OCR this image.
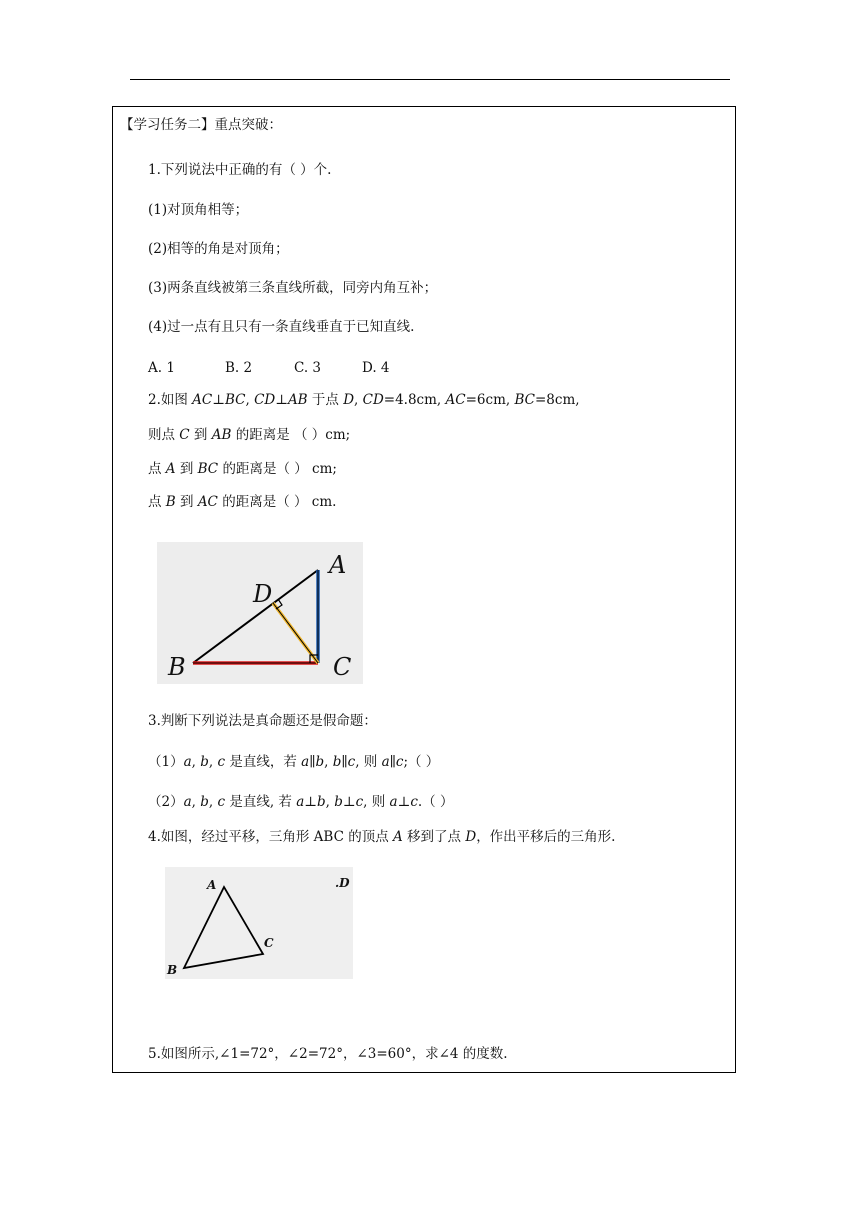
【学习任务二】重点突破：
1.下列说法中正确的有（ ）个.
(1)对顶角相等；
(2)相等的角是对顶角；
(3)两条直线被第三条直线所截，同旁内角互补；
(4)过一点有且只有一条直线垂直于已知直线.
A. 1	B. 2	C. 3	D. 4
2.如图 AC⊥BC, CD⊥AB 于点 D, CD=4.8cm, AC=6cm, BC=8cm,
则点 C 到 AB 的距离是 （ ）cm;
点 A 到 BC 的距离是（ ） cm;
点 B 到 AC 的距离是（ ） cm.
A
B	C
D
3.判断下列说法是真命题还是假命题：
（1）a, b, c 是直线，若 a∥b, b∥c, 则 a∥c;（ ）
（2）a, b, c 是直线, 若 a⊥b, b⊥c, 则 a⊥c.（ ）
4.如图，经过平移，三角形 ABC 的顶点 A 移到了点 D，作出平移后的三角形.
A
B
C
.D
5.如图所示,∠1=72°，∠2=72°，∠3=60°，求∠4 的度数.
